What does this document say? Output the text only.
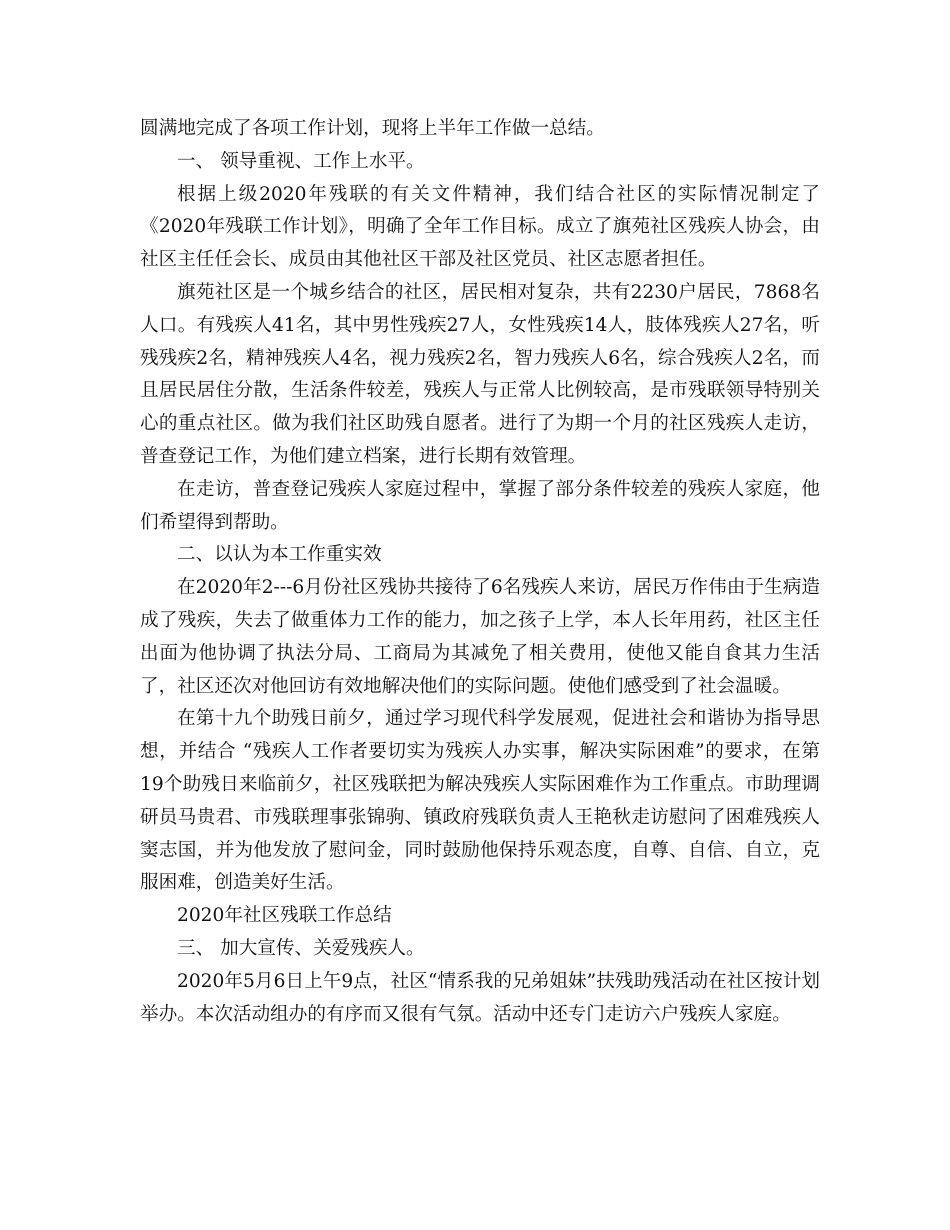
圆满地完成了各项工作计划，现将上半年工作做一总结。

一、 领导重视、工作上水平。

根据上级2020年残联的有关文件精神，我们结合社区的实际情况制定了《2020年残联工作计划》，明确了全年工作目标。成立了旗苑社区残疾人协会，由社区主任任会长、成员由其他社区干部及社区党员、社区志愿者担任。

旗苑社区是一个城乡结合的社区，居民相对复杂，共有2230户居民，7868名人口。有残疾人41名，其中男性残疾27人，女性残疾14人，肢体残疾人27名，听残残疾2名，精神残疾人4名，视力残疾2名，智力残疾人6名，综合残疾人2名，而且居民居住分散，生活条件较差，残疾人与正常人比例较高，是市残联领导特别关心的重点社区。做为我们社区助残自愿者。进行了为期一个月的社区残疾人走访，普查登记工作，为他们建立档案，进行长期有效管理。

在走访，普查登记残疾人家庭过程中，掌握了部分条件较差的残疾人家庭，他们希望得到帮助。

二、以认为本工作重实效

在2020年2---6月份社区残协共接待了6名残疾人来访，居民万作伟由于生病造成了残疾，失去了做重体力工作的能力，加之孩子上学，本人长年用药，社区主任出面为他协调了执法分局、工商局为其减免了相关费用，使他又能自食其力生活了，社区还次对他回访有效地解决他们的实际问题。使他们感受到了社会温暖。

在第十九个助残日前夕，通过学习现代科学发展观，促进社会和谐协为指导思想，并结合 “残疾人工作者要切实为残疾人办实事，解决实际困难”的要求，在第19个助残日来临前夕，社区残联把为解决残疾人实际困难作为工作重点。市助理调研员马贵君、市残联理事张锦驹、镇政府残联负责人王艳秋走访慰问了困难残疾人窦志国，并为他发放了慰问金，同时鼓励他保持乐观态度，自尊、自信、自立，克服困难，创造美好生活。

2020年社区残联工作总结

三、 加大宣传、关爱残疾人。

2020年5月6日上午9点，社区“情系我的兄弟姐妹”扶残助残活动在社区按计划举办。本次活动组办的有序而又很有气氛。活动中还专门走访六户残疾人家庭。
